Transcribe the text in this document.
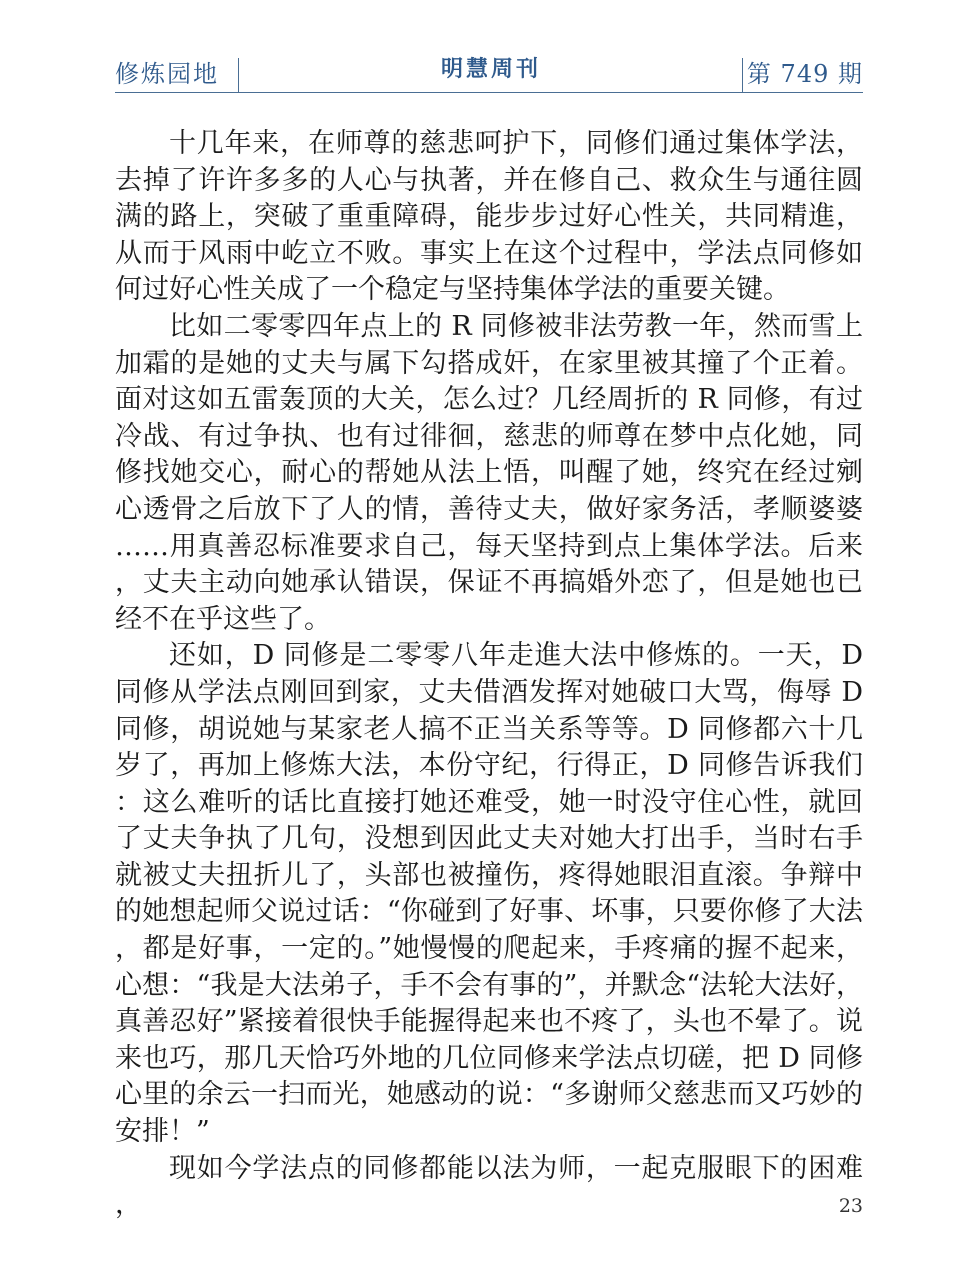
修炼园地	明慧周刊	第 749 期

十几年来，在师尊的慈悲呵护下，同修们通过集体学法，去掉了许许多多的人心与执著，并在修自己、救众生与通往圆满的路上，突破了重重障碍，能步步过好心性关，共同精進，从而于风雨中屹立不败。事实上在这个过程中，学法点同修如何过好心性关成了一个稳定与坚持集体学法的重要关键。

比如二零零四年点上的 R 同修被非法劳教一年，然而雪上加霜的是她的丈夫与属下勾搭成奸，在家里被其撞了个正着。面对这如五雷轰顶的大关，怎么过？几经周折的 R 同修，有过冷战、有过争执、也有过徘徊，慈悲的师尊在梦中点化她，同修找她交心，耐心的帮她从法上悟，叫醒了她，终究在经过剜心透骨之后放下了人的情，善待丈夫，做好家务活，孝顺婆婆……用真善忍标准要求自己，每天坚持到点上集体学法。后来，丈夫主动向她承认错误，保证不再搞婚外恋了，但是她也已经不在乎这些了。

还如，D 同修是二零零八年走進大法中修炼的。一天，D 同修从学法点刚回到家，丈夫借酒发挥对她破口大骂，侮辱 D 同修，胡说她与某家老人搞不正当关系等等。D 同修都六十几岁了，再加上修炼大法，本份守纪，行得正，D 同修告诉我们：这么难听的话比直接打她还难受，她一时没守住心性，就回了丈夫争执了几句，没想到因此丈夫对她大打出手，当时右手就被丈夫扭折儿了，头部也被撞伤，疼得她眼泪直滚。争辩中的她想起师父说过话：“你碰到了好事、坏事，只要你修了大法，都是好事，一定的。”她慢慢的爬起来，手疼痛的握不起来，心想：“我是大法弟子，手不会有事的”，并默念“法轮大法好，真善忍好”紧接着很快手能握得起来也不疼了，头也不晕了。说来也巧，那几天恰巧外地的几位同修来学法点切磋，把 D 同修心里的余云一扫而光，她感动的说：“多谢师父慈悲而又巧妙的安排！”

现如今学法点的同修都能以法为师，一起克服眼下的困难，	23
